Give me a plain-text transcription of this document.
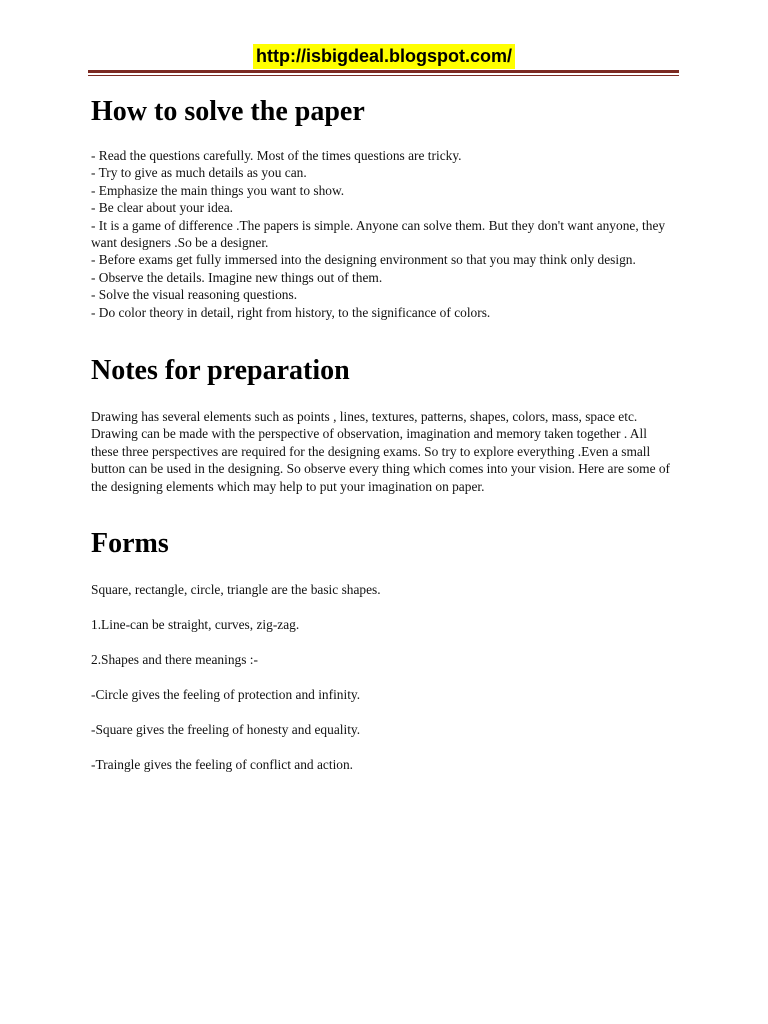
http://isbigdeal.blogspot.com/
How to solve the paper

- Read the questions carefully. Most of the times questions are tricky.

- Try to give as much details as you can.

- Emphasize the main things you want to show.

- Be clear about your idea.

- It is a game of difference .The papers is simple. Anyone can solve them. But they don't want anyone, they want designers .So be a designer.

- Before exams get fully immersed into the designing environment so that you may think only design.

- Observe the details. Imagine new things out of them.

- Solve the visual reasoning questions.

- Do color theory in detail, right from history, to the significance of colors.

Notes for preparation

Drawing has several elements such as points , lines, textures, patterns, shapes, colors, mass, space etc. Drawing can be made with the perspective of observation, imagination and memory taken together . All these three perspectives are required for the designing exams. So try to explore everything .Even a small button can be used in the designing. So observe every thing which comes into your vision. Here are some of the designing elements which may help to put your imagination on paper.

Forms

Square, rectangle, circle, triangle are the basic shapes.

1.Line-can be straight, curves, zig-zag.

2.Shapes and there meanings :-

-Circle gives the feeling of protection and infinity.

-Square gives the freeling of honesty and equality.

-Traingle gives the feeling of conflict and action.
